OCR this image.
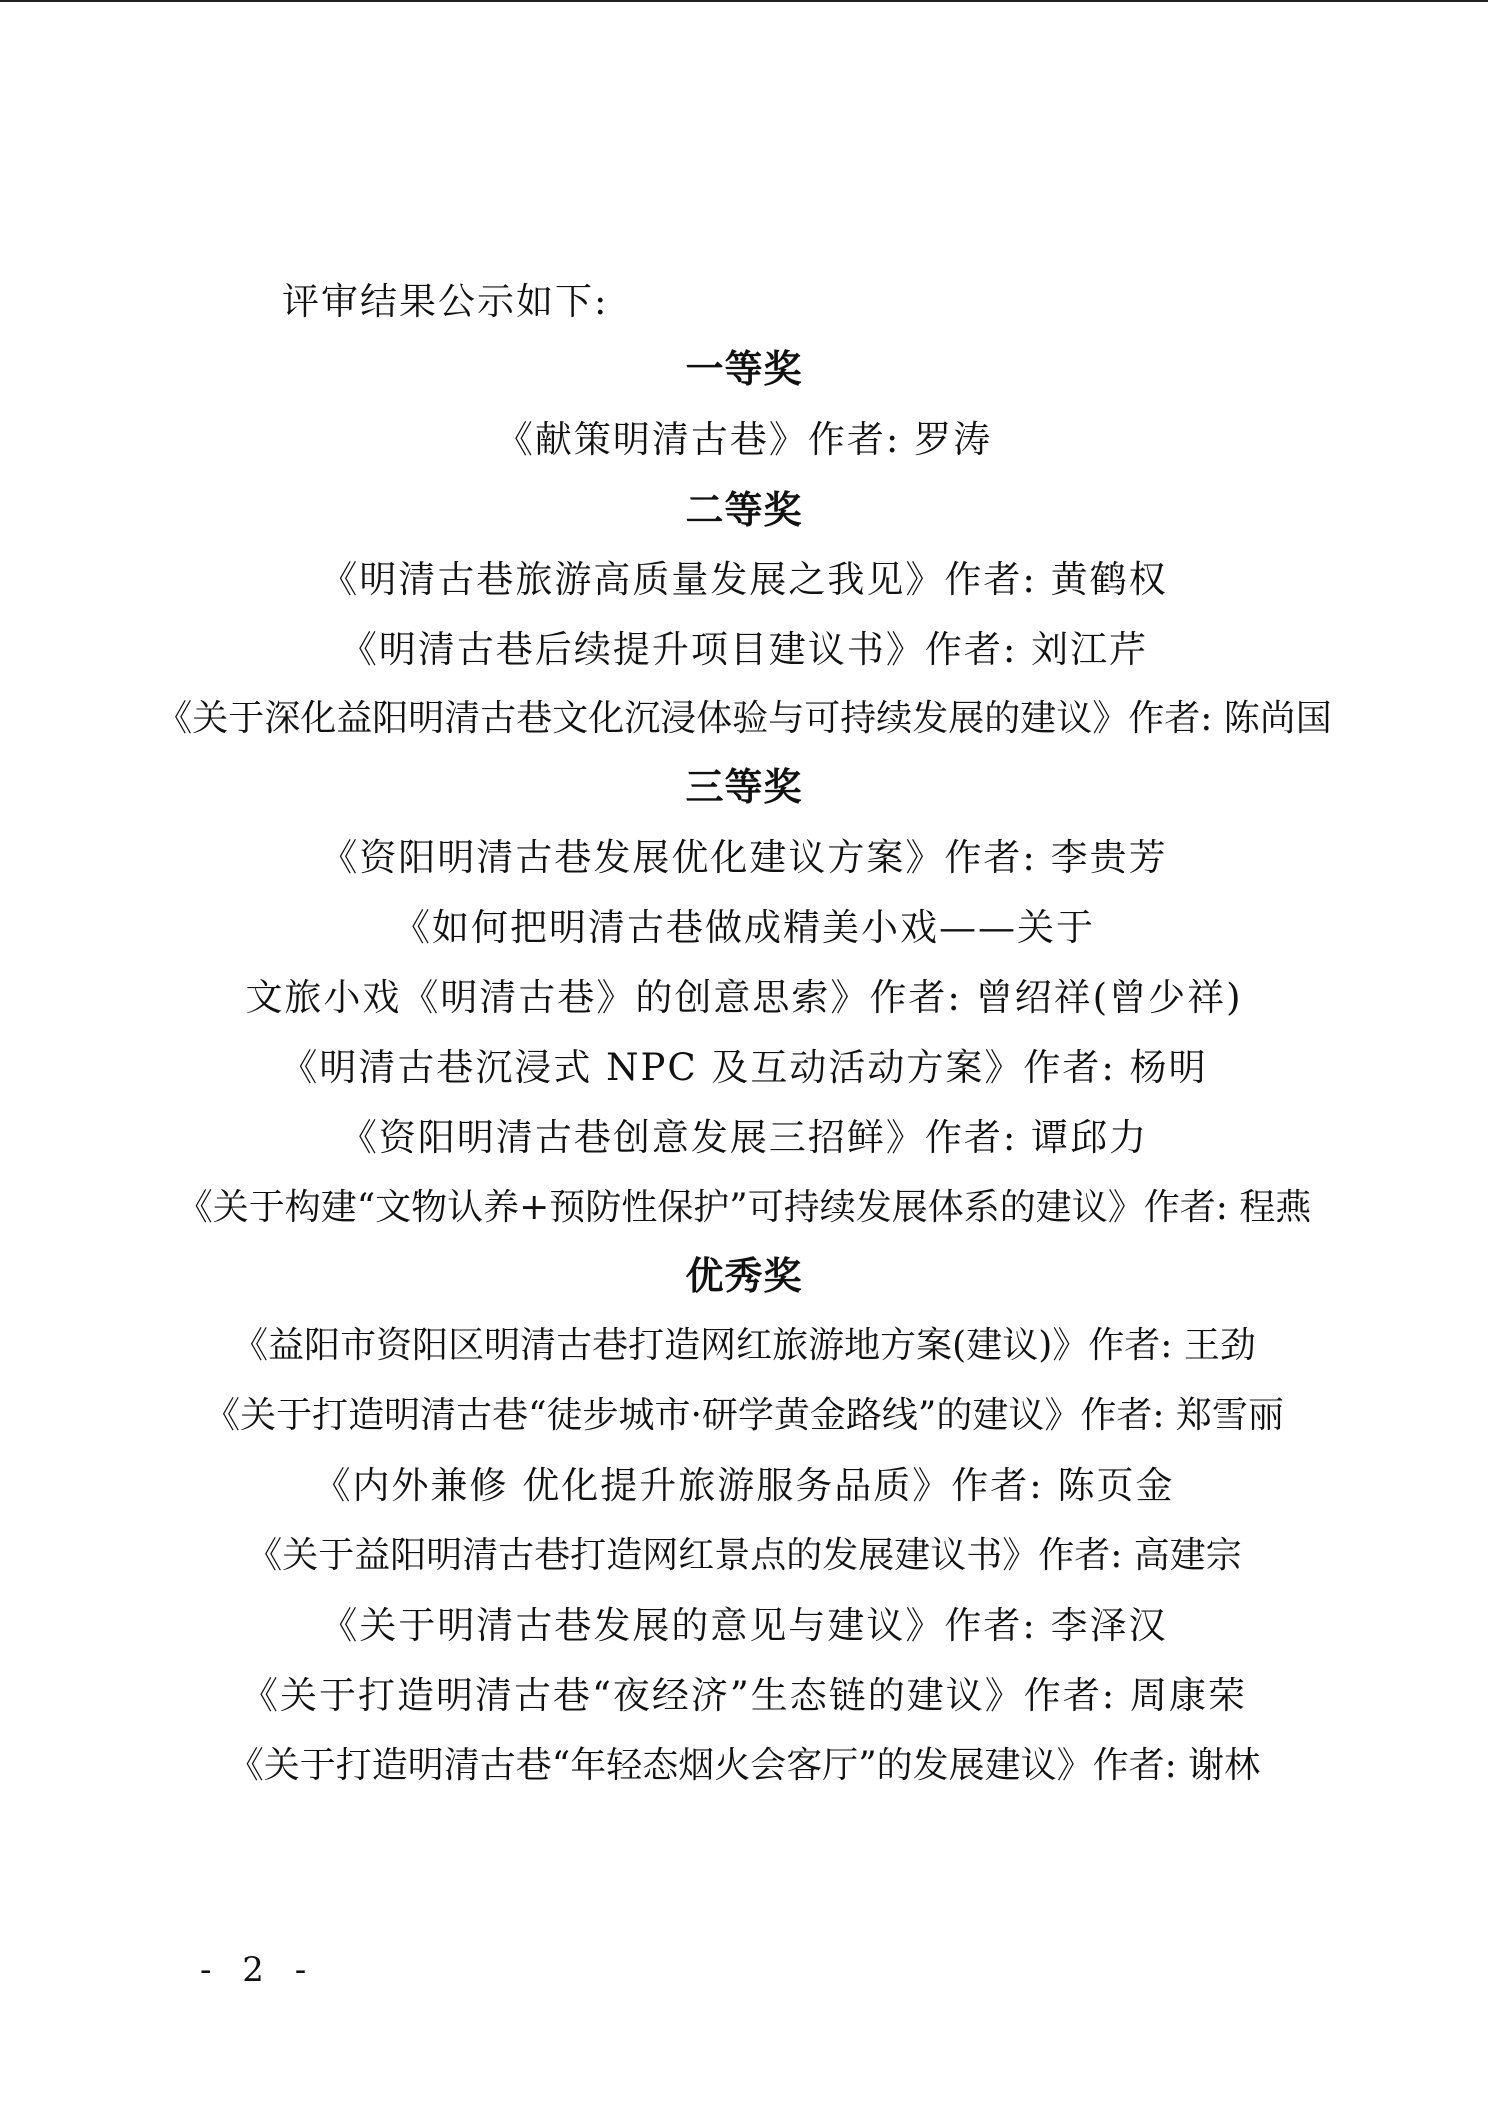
评审结果公示如下:
一等奖
《献策明清古巷》作者: 罗涛
二等奖
《明清古巷旅游高质量发展之我见》作者: 黄鹤权
《明清古巷后续提升项目建议书》作者: 刘江芹
《关于深化益阳明清古巷文化沉浸体验与可持续发展的建议》作者: 陈尚国
三等奖
《资阳明清古巷发展优化建议方案》作者: 李贵芳
《如何把明清古巷做成精美小戏——关于
文旅小戏《明清古巷》的创意思索》作者: 曾绍祥(曾少祥)
《明清古巷沉浸式 NPC 及互动活动方案》作者: 杨明
《资阳明清古巷创意发展三招鲜》作者: 谭邱力
《关于构建“文物认养+预防性保护”可持续发展体系的建议》作者: 程燕
优秀奖
《益阳市资阳区明清古巷打造网红旅游地方案(建议)》作者: 王劲
《关于打造明清古巷“徒步城市·研学黄金路线”的建议》作者: 郑雪丽
《内外兼修 优化提升旅游服务品质》作者: 陈页金
《关于益阳明清古巷打造网红景点的发展建议书》作者: 高建宗
《关于明清古巷发展的意见与建议》作者: 李泽汉
《关于打造明清古巷“夜经济”生态链的建议》作者: 周康荣
《关于打造明清古巷“年轻态烟火会客厅”的发展建议》作者: 谢林
- 2 -
